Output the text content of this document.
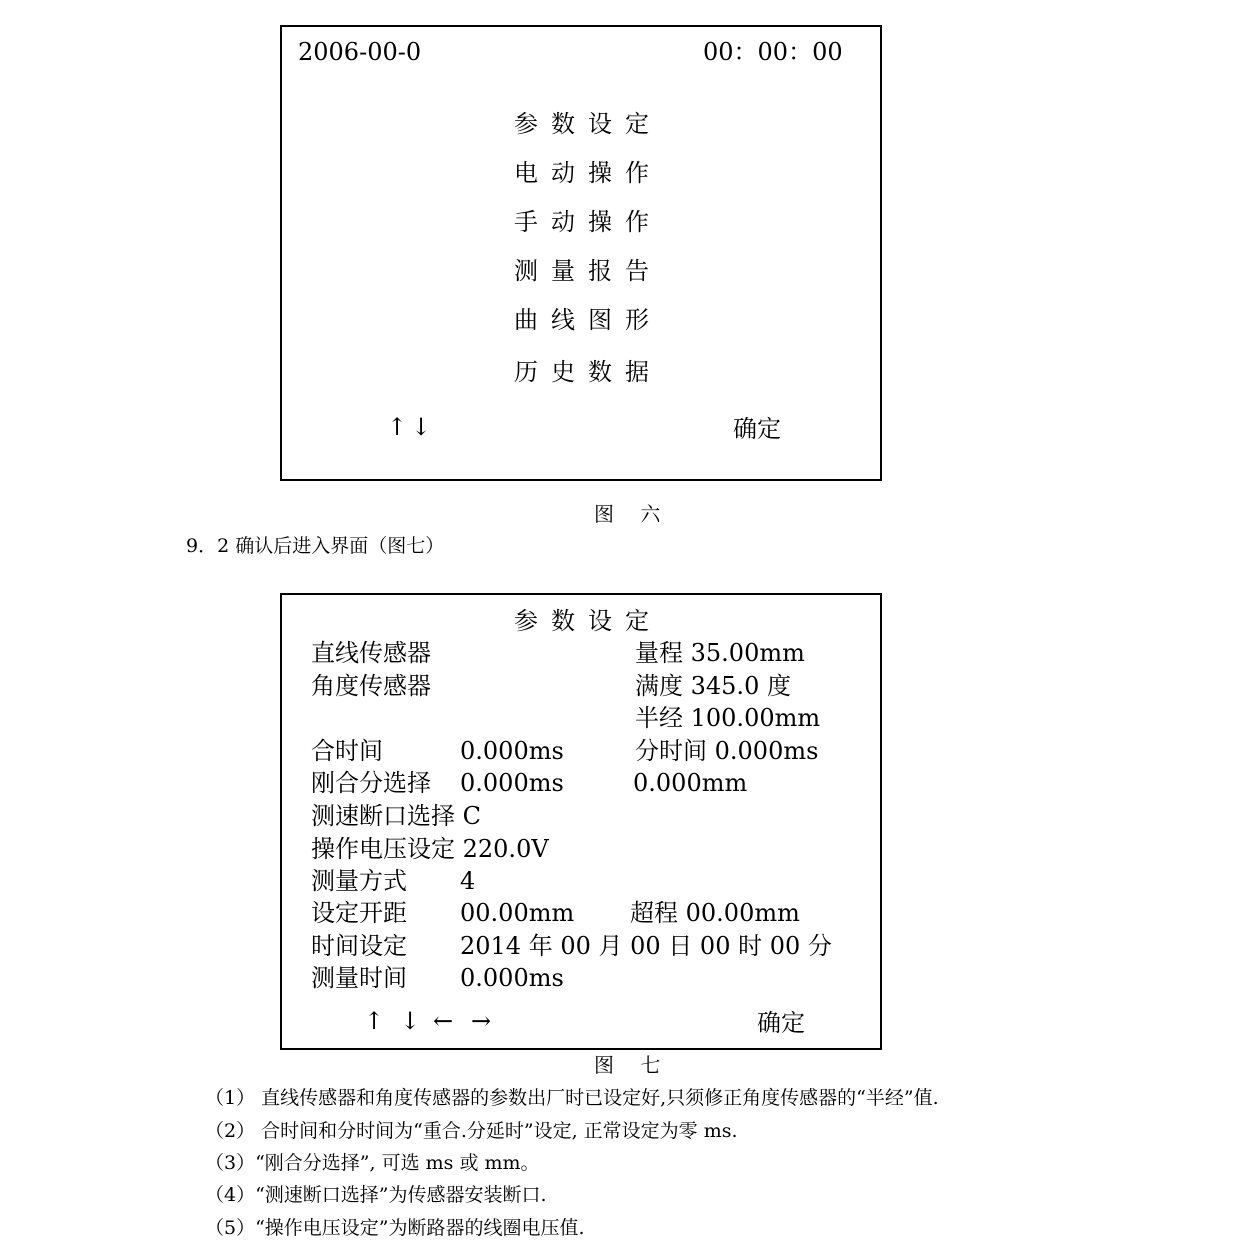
2006-00-0	00：00：00
参数设定
电动操作
手动操作
测量报告
曲线图形
历史数据
↑ ↓	确定
图 六
9．2 确认后进入界面（图七）
参数设定
直线传感器	量程 35.00mm
角度传感器	满度 345.0 度
半经 100.00mm
合时间	0.000ms	分时间 0.000ms
刚合分选择 0.000ms	0.000mm
测速断口选择 C
操作电压设定 220.0V
测量方式 4
设定开距 00.00mm 超程 00.00mm
时间设定 2014 年 00 月 00 日 00 时 00 分
测量时间 0.000ms
↑ ↓ ← →	确定
图 七
（1） 直线传感器和角度传感器的参数出厂时已设定好,只须修正角度传感器的“半经”值.
（2） 合时间和分时间为“重合.分延时”设定, 正常设定为零 ms.
（3）“刚合分选择”, 可选 ms 或 mm。
（4）“测速断口选择”为传感器安装断口.
（5）“操作电压设定”为断路器的线圈电压值.
